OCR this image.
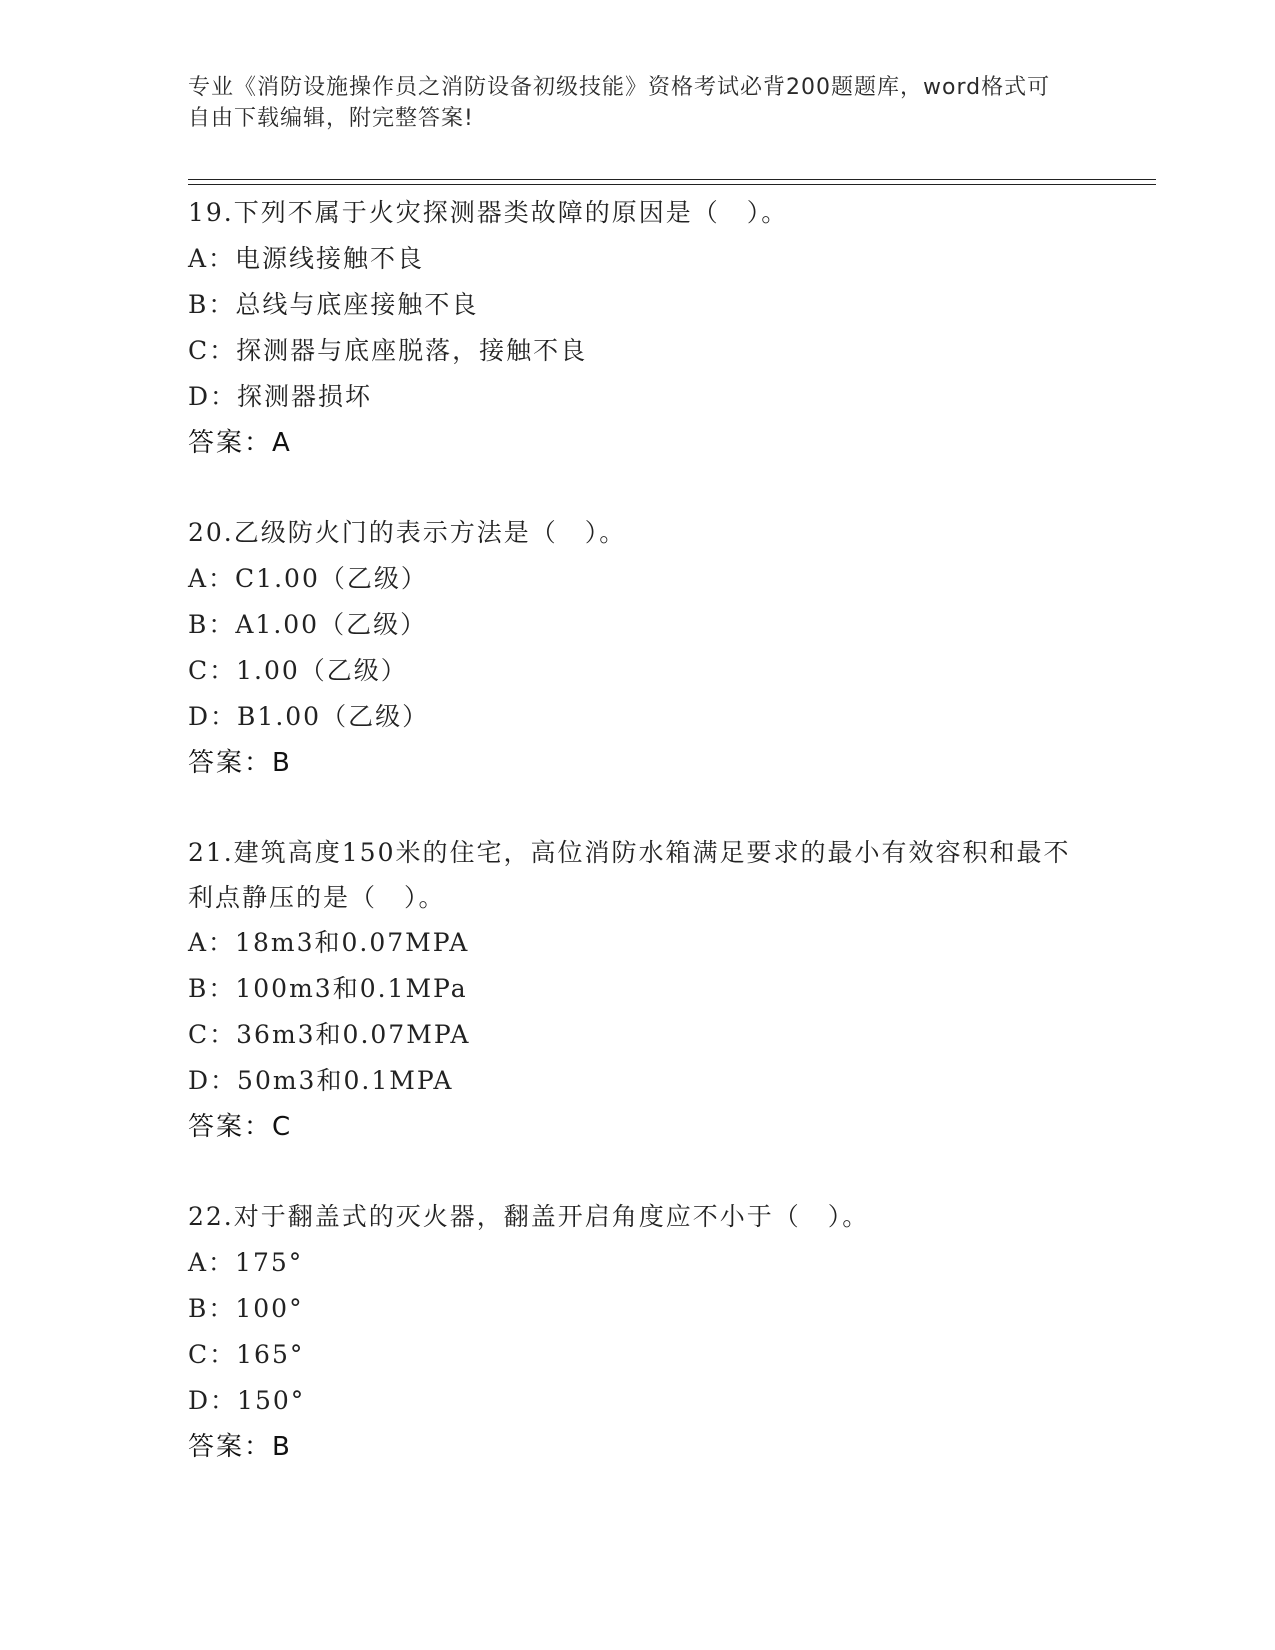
专业《消防设施操作员之消防设备初级技能》资格考试必背200题题库，word格式可自由下载编辑，附完整答案!

19.下列不属于火灾探测器类故障的原因是（　）。

A：电源线接触不良

B：总线与底座接触不良

C：探测器与底座脱落，接触不良

D：探测器损坏

答案：A

20.乙级防火门的表示方法是（　）。

A：C1.00（乙级）

B：A1.00（乙级）

C：1.00（乙级）

D：B1.00（乙级）

答案：B

21.建筑高度150米的住宅，高位消防水箱满足要求的最小有效容积和最不利点静压的是（　）。

A：18m3和0.07MPA

B：100m3和0.1MPa

C：36m3和0.07MPA

D：50m3和0.1MPA

答案：C

22.对于翻盖式的灭火器，翻盖开启角度应不小于（　）。

A：175°

B：100°

C：165°

D：150°

答案：B
